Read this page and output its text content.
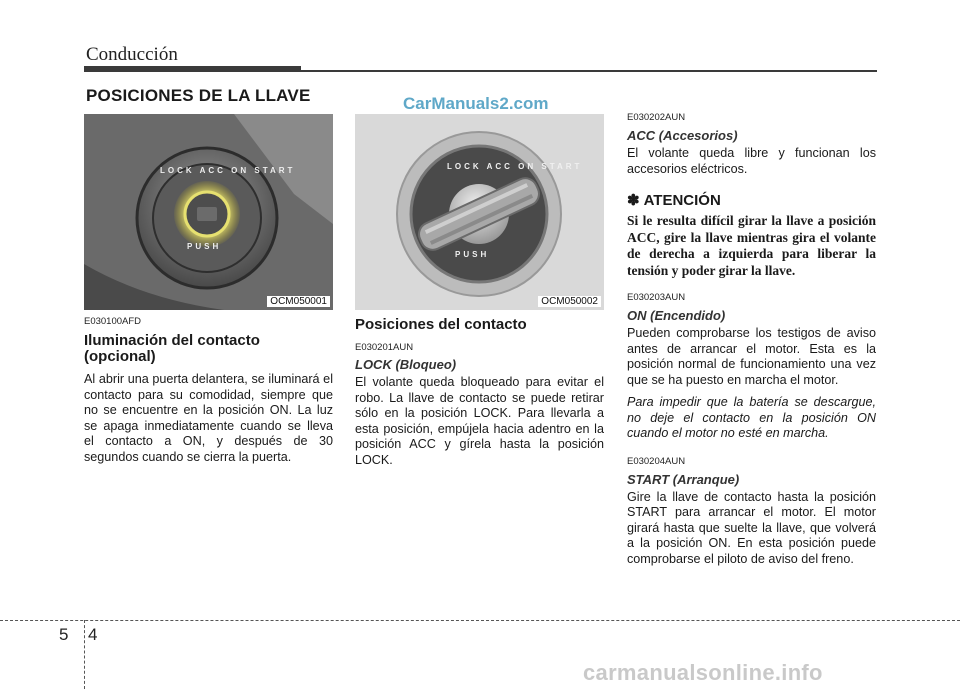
Conducción
POSICIONES DE LA LLAVE	CarManuals2.com
LOCK ACC ON START
PUSH
OCM050001
LOCK ACC ON START
PUSH
OCM050002

E030100AFD

Iluminación del contacto (opcional)

Al abrir una puerta delantera, se iluminará el contacto para su comodidad, siempre que no se encuentre en la posición ON. La luz se apaga inmediatamente cuando se lleva el contacto a ON, y después de 30 segundos cuando se cierra la puerta.

Posiciones del contacto

E030201AUN

LOCK (Bloqueo)

El volante queda bloqueado para evitar el robo. La llave de contacto se puede retirar sólo en la posición LOCK. Para llevarla a esta posición, empújela hacia adentro en la posición ACC y gírela hasta la posición LOCK.

E030202AUN

ACC (Accesorios)

El volante queda libre y funcionan los accesorios eléctricos.

✽ ATENCIÓN

Si le resulta difícil girar la llave a posición ACC, gire la llave mientras gira el volante de derecha a izquierda para liberar la tensión y poder girar la llave.

E030203AUN

ON (Encendido)

Pueden comprobarse los testigos de aviso antes de arrancar el motor. Esta es la posición normal de funcionamiento una vez que se ha puesto en marcha el motor.

Para impedir que la batería se descargue, no deje el contacto en la posición ON cuando el motor no esté en marcha.

E030204AUN

START (Arranque)

Gire la llave de contacto hasta la posición START para arrancar el motor. El motor girará hasta que suelte la llave, que volverá a la posición ON. En esta posición puede comprobarse el piloto de aviso del freno.

5 4
carmanualsonline.info
